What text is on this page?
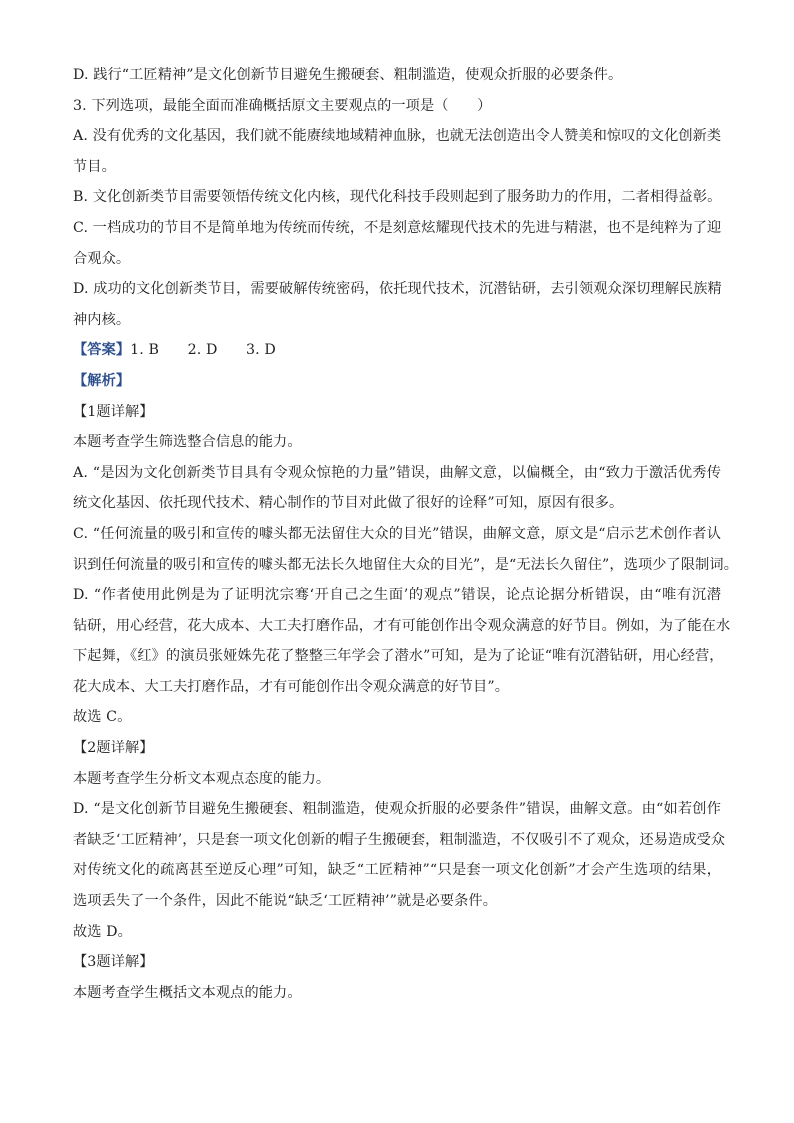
D. 践行“工匠精神”是文化创新节目避免生搬硬套、粗制滥造，使观众折服的必要条件。
3. 下列选项，最能全面而准确概括原文主要观点的一项是（　　）
A. 没有优秀的文化基因，我们就不能赓续地域精神血脉，也就无法创造出令人赞美和惊叹的文化创新类
节目。
B. 文化创新类节目需要领悟传统文化内核，现代化科技手段则起到了服务助力的作用，二者相得益彰。
C. 一档成功的节目不是简单地为传统而传统，不是刻意炫耀现代技术的先进与精湛，也不是纯粹为了迎
合观众。
D. 成功的文化创新类节目，需要破解传统密码，依托现代技术，沉潜钻研，去引领观众深切理解民族精
神内核。
【答案】1. B　　2. D　　3. D
【解析】
【1题详解】
本题考查学生筛选整合信息的能力。
A. “是因为文化创新类节目具有令观众惊艳的力量”错误，曲解文意，以偏概全，由“致力于激活优秀传
统文化基因、依托现代技术、精心制作的节目对此做了很好的诠释”可知，原因有很多。
C. “任何流量的吸引和宣传的噱头都无法留住大众的目光”错误，曲解文意，原文是“启示艺术创作者认
识到任何流量的吸引和宣传的噱头都无法长久地留住大众的目光”，是“无法长久留住”，选项少了限制词。
D. “作者使用此例是为了证明沈宗骞‘开自己之生面’的观点”错误，论点论据分析错误，由“唯有沉潜
钻研，用心经营，花大成本、大工夫打磨作品，才有可能创作出令观众满意的好节目。例如，为了能在水
下起舞，《红》的演员张娅姝先花了整整三年学会了潜水”可知，是为了论证“唯有沉潜钻研，用心经营，
花大成本、大工夫打磨作品，才有可能创作出令观众满意的好节目”。
故选 C。
【2题详解】
本题考查学生分析文本观点态度的能力。
D. “是文化创新节目避免生搬硬套、粗制滥造，使观众折服的必要条件”错误，曲解文意。由“如若创作
者缺乏‘工匠精神’，只是套一项文化创新的帽子生搬硬套，粗制滥造，不仅吸引不了观众，还易造成受众
对传统文化的疏离甚至逆反心理”可知，缺乏“工匠精神”“只是套一项文化创新”才会产生选项的结果，
选项丢失了一个条件，因此不能说“缺乏‘工匠精神’”就是必要条件。
故选 D。
【3题详解】
本题考查学生概括文本观点的能力。
